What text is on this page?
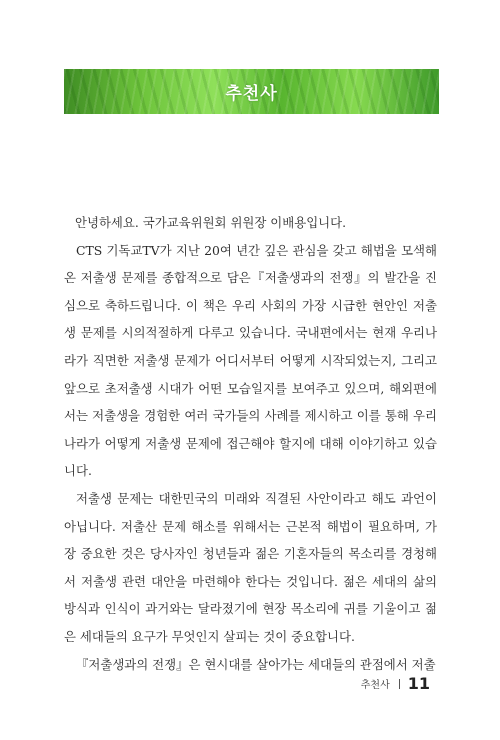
추천사

안녕하세요. 국가교육위원회 위원장 이배용입니다.

CTS 기독교TV가 지난 20여 년간 깊은 관심을 갖고 해법을 모색해온 저출생 문제를 종합적으로 담은『저출생과의 전쟁』의 발간을 진심으로 축하드립니다. 이 책은 우리 사회의 가장 시급한 현안인 저출생 문제를 시의적절하게 다루고 있습니다. 국내편에서는 현재 우리나라가 직면한 저출생 문제가 어디서부터 어떻게 시작되었는지, 그리고 앞으로 초저출생 시대가 어떤 모습일지를 보여주고 있으며, 해외편에서는 저출생을 경험한 여러 국가들의 사례를 제시하고 이를 통해 우리나라가 어떻게 저출생 문제에 접근해야 할지에 대해 이야기하고 있습니다.

저출생 문제는 대한민국의 미래와 직결된 사안이라고 해도 과언이 아닙니다. 저출산 문제 해소를 위해서는 근본적 해법이 필요하며, 가장 중요한 것은 당사자인 청년들과 젊은 기혼자들의 목소리를 경청해서 저출생 관련 대안을 마련해야 한다는 것입니다. 젊은 세대의 삶의 방식과 인식이 과거와는 달라졌기에 현장 목소리에 귀를 기울이고 젊은 세대들의 요구가 무엇인지 살피는 것이 중요합니다.

『저출생과의 전쟁』은 현시대를 살아가는 세대들의 관점에서 저출

추천사 11
